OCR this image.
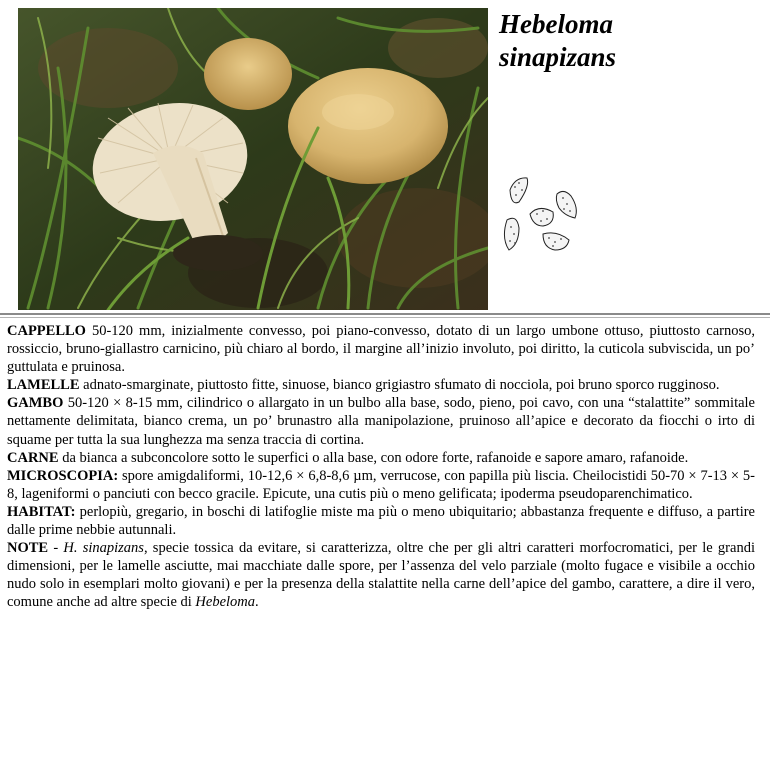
Hebeloma
sinapizans

CAPPELLO 50-120 mm, inizialmente convesso, poi piano-convesso, dotato di un largo umbone ottuso, piuttosto carnoso, rossiccio, bruno-giallastro carnicino, più chiaro al bordo, il margine all’inizio involuto, poi diritto, la cuticola subviscida, un po’ guttulata e pruinosa.

LAMELLE adnato-smarginate, piuttosto fitte, sinuose, bianco grigiastro sfumato di nocciola, poi bruno sporco rugginoso.

GAMBO 50-120 × 8-15 mm, cilindrico o allargato in un bulbo alla base, sodo, pieno, poi cavo, con una “stalattite” sommitale nettamente delimitata, bianco crema, un po’ brunastro alla manipolazione, pruinoso all’apice e decorato da fiocchi o irto di squame per tutta la sua lunghezza ma senza traccia di cortina.

CARNE da bianca a subconcolore sotto le superfici o alla base, con odore forte, rafanoide e sapore amaro, rafanoide.

MICROSCOPIA: spore amigdaliformi, 10-12,6 × 6,8-8,6 µm, verrucose, con papilla più liscia. Cheilocistidi 50-70 × 7-13 × 5-8, lageniformi o panciuti con becco gracile. Epicute, una cutis più o meno gelificata; ipoderma pseudoparenchimatico.

HABITAT: perlopiù, gregario, in boschi di latifoglie miste ma più o meno ubiquitario; abbastanza frequente e diffuso, a partire dalle prime nebbie autunnali.

NOTE - H. sinapizans, specie tossica da evitare, si caratterizza, oltre che per gli altri caratteri morfocromatici, per le grandi dimensioni, per le lamelle asciutte, mai macchiate dalle spore, per l’assenza del velo parziale (molto fugace e visibile a occhio nudo solo in esemplari molto giovani) e per la presenza della stalattite nella carne dell’apice del gambo, carattere, a dire il vero, comune anche ad altre specie di Hebeloma.
